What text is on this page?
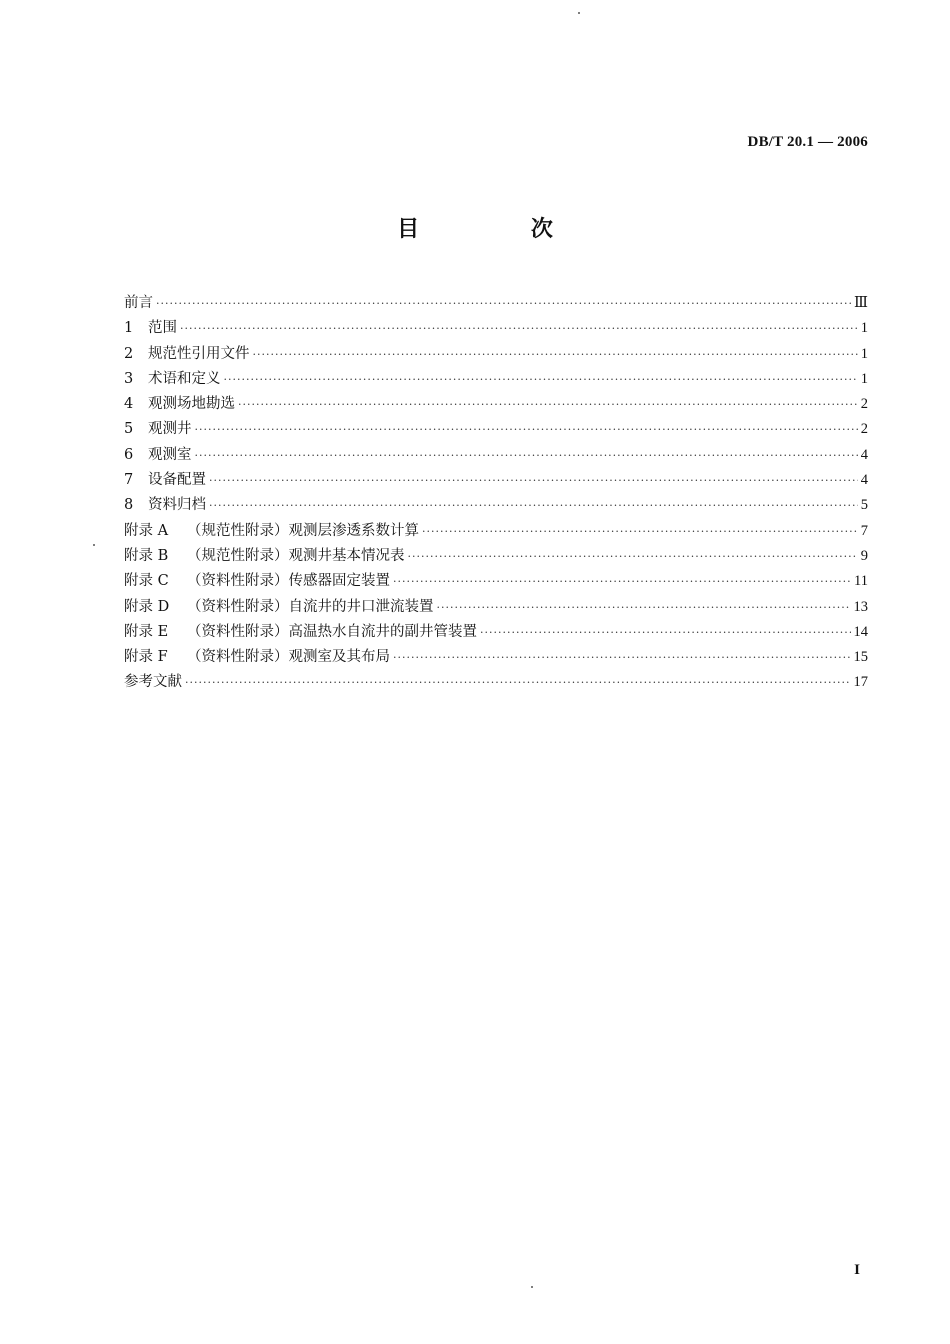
DB/T 20.1 — 2006
目 次
前言 ·····	Ⅲ
1 范围 ·····	1
2 规范性引用文件 ·····	1
3 术语和定义 ·····	1
4 观测场地勘选 ·····	2
5 观测井 ·····	2
6 观测室 ·····	4
7 设备配置 ·····	4
8 资料归档 ·····	5
附录 A （规范性附录）观测层渗透系数计算 ·····	7
附录 B （规范性附录）观测井基本情况表 ·····	9
附录 C （资料性附录）传感器固定装置 ·····	11
附录 D （资料性附录）自流井的井口泄流装置 ·····	13
附录 E （资料性附录）高温热水自流井的副井管装置 ·····	14
附录 F （资料性附录）观测室及其布局 ·····	15
参考文献 ·····	17
I
